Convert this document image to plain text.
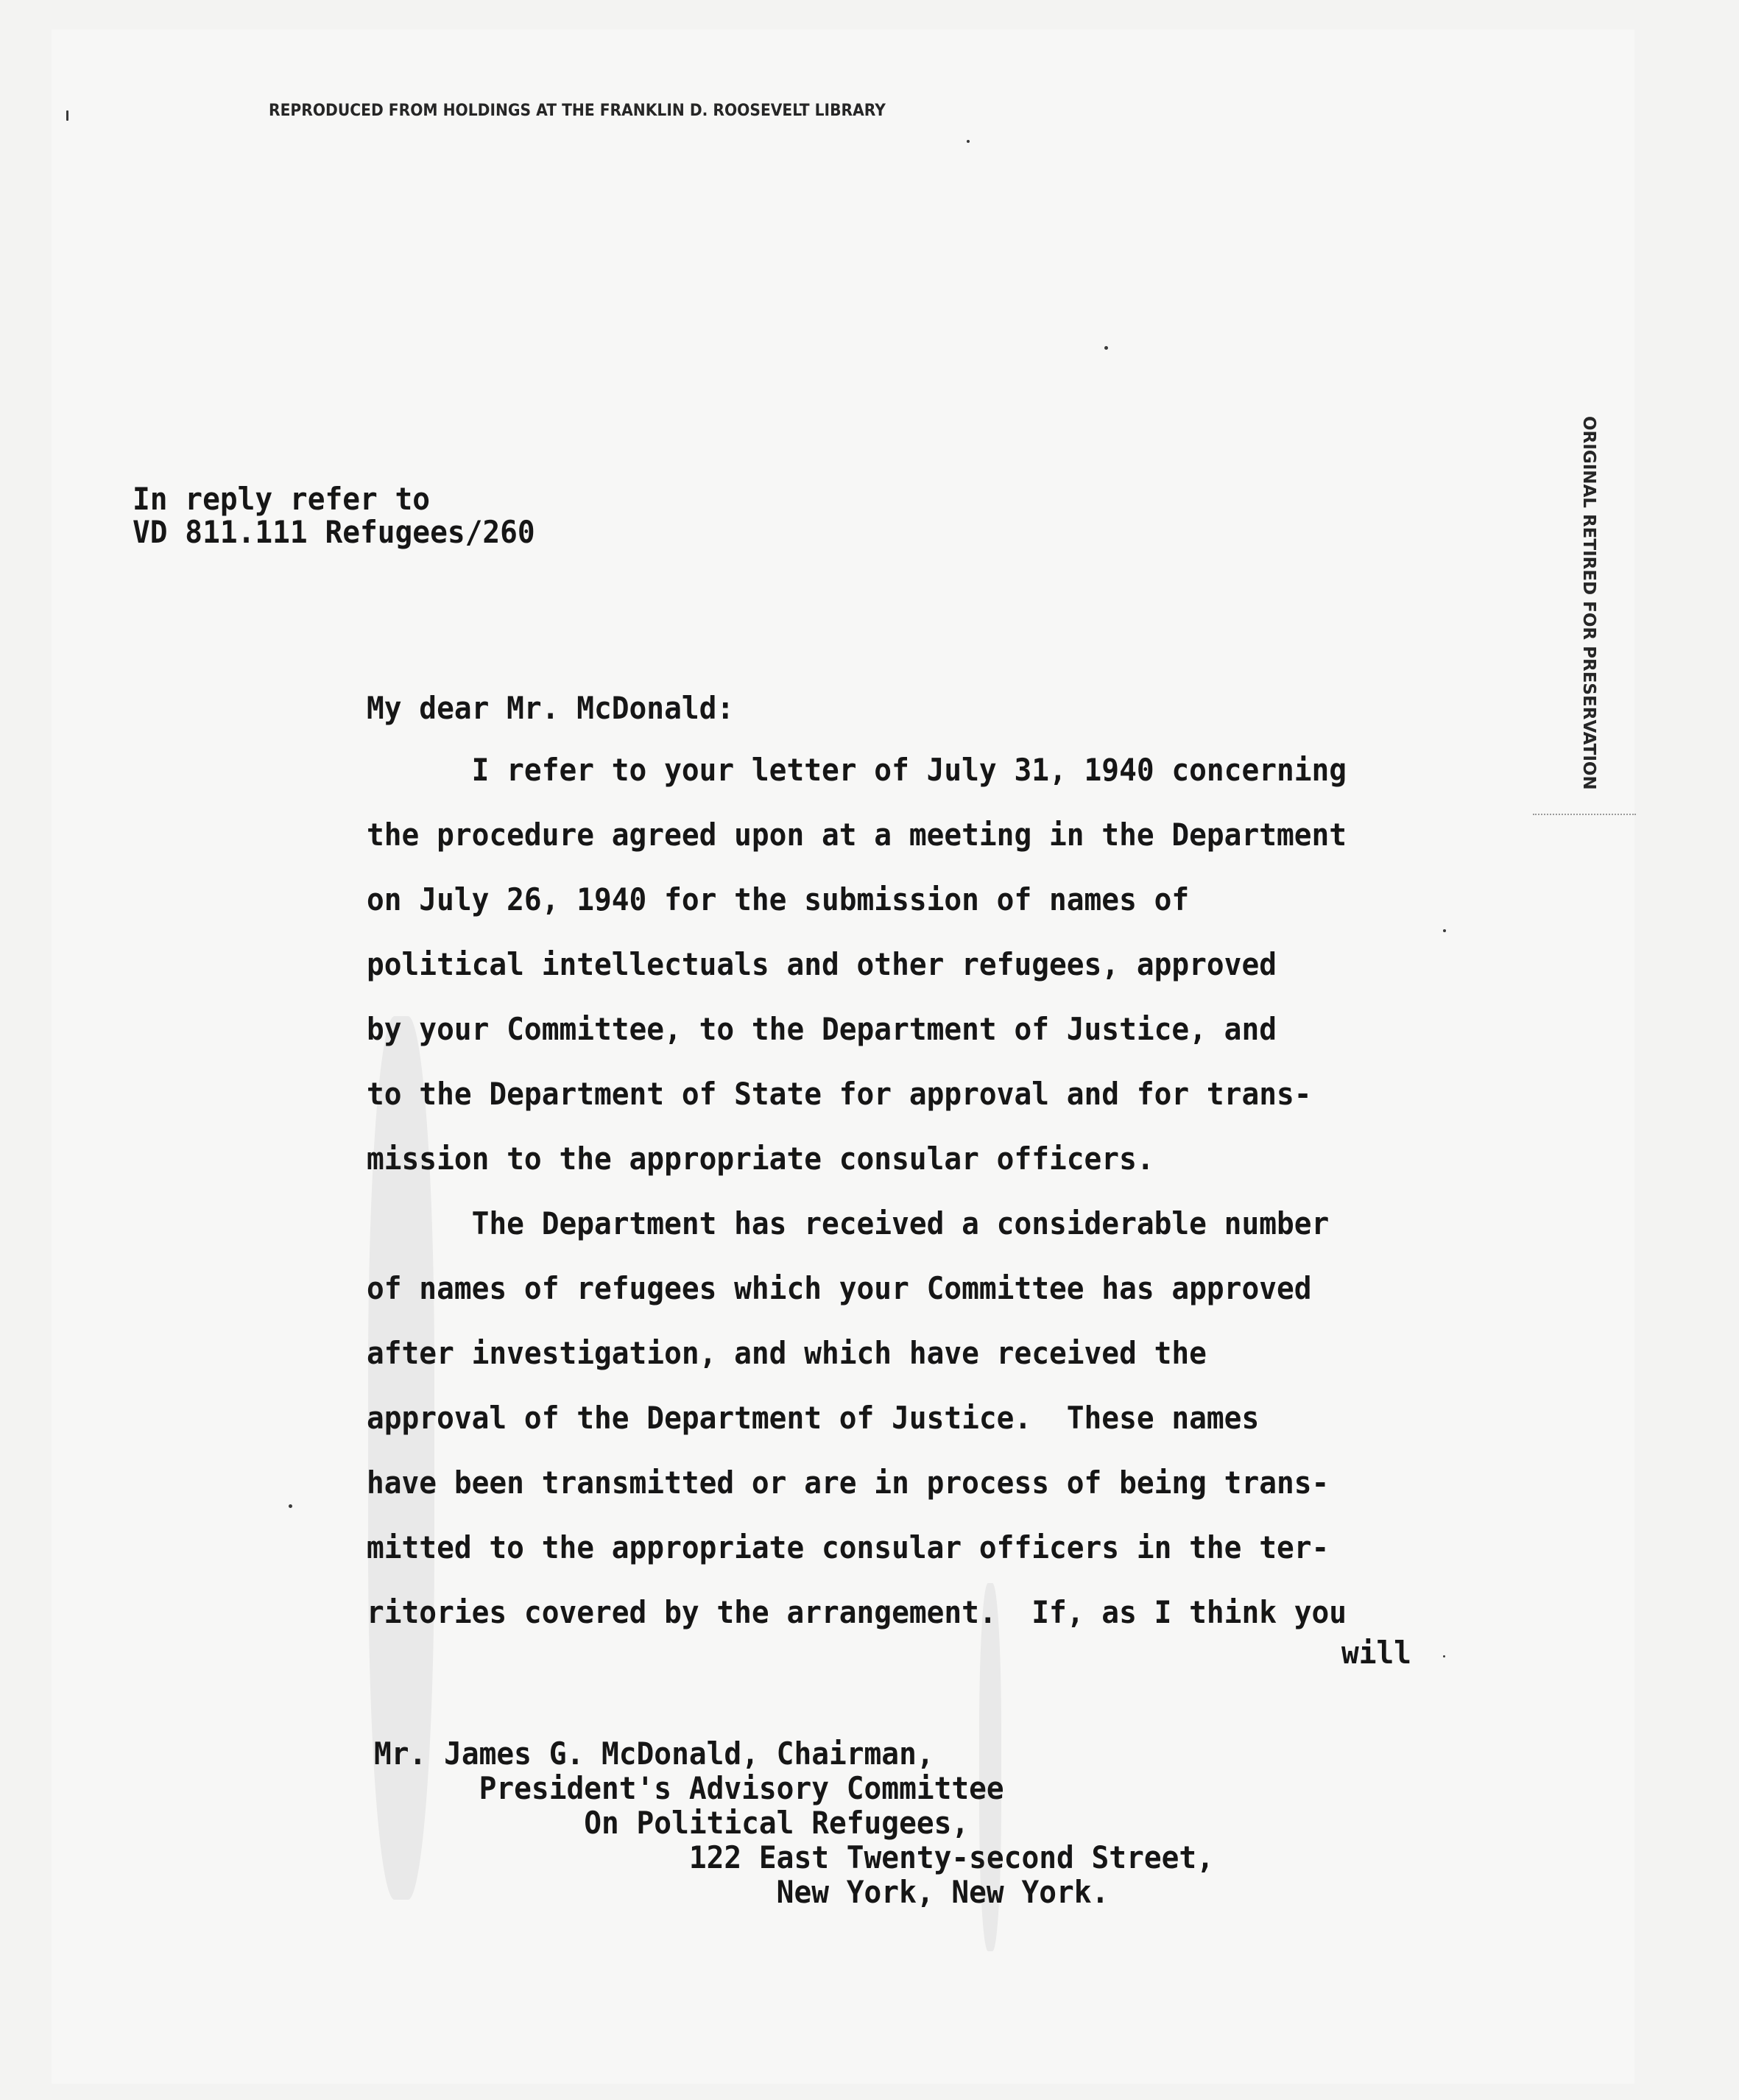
REPRODUCED FROM HOLDINGS AT THE FRANKLIN D. ROOSEVELT LIBRARY
ORIGINAL RETIRED FOR PRESERVATION
In reply refer to
VD 811.111 Refugees/260
My dear Mr. McDonald:
I refer to your letter of July 31, 1940 concerning
the procedure agreed upon at a meeting in the Department
on July 26, 1940 for the submission of names of
political intellectuals and other refugees, approved
by your Committee, to the Department of Justice, and
to the Department of State for approval and for trans-
mission to the appropriate consular officers.
The Department has received a considerable number
of names of refugees which your Committee has approved
after investigation, and which have received the
approval of the Department of Justice.  These names
have been transmitted or are in process of being trans-
mitted to the appropriate consular officers in the ter-
ritories covered by the arrangement.  If, as I think you
will
Mr. James G. McDonald, Chairman,
President's Advisory Committee
On Political Refugees,
122 East Twenty-second Street,
New York, New York.
